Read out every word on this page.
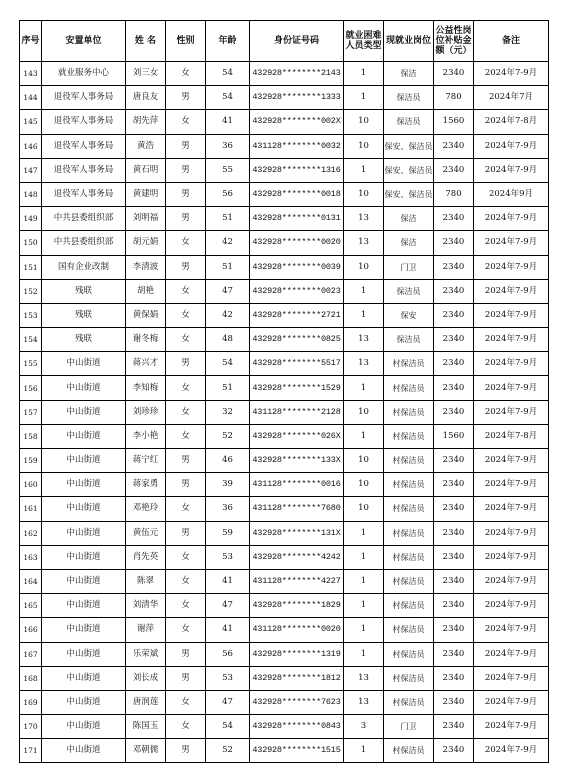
序号	安置单位	姓 名	性别	年龄	身份证号码	就业困难人员类型	现就业岗位	公益性岗位补贴金额（元）	备注
143	就业服务中心	刘三女	女	54	432928********2143	1	保洁	2340	2024年7-9月
144	退役军人事务局	唐良友	男	54	432928********1333	1	保洁员	780	2024年7月
145	退役军人事务局	胡先萍	女	41	432928********002X	10	保洁员	1560	2024年7-8月
146	退役军人事务局	黄浩	男	36	431128********0032	10	保安、保洁员	2340	2024年7-9月
147	退役军人事务局	黄石明	男	55	432928********1316	1	保安、保洁员	2340	2024年7-9月
148	退役军人事务局	黄建明	男	56	432928********0018	10	保安、保洁员	780	2024年9月
149	中共县委组织部	刘明福	男	51	432928********0131	13	保洁	2340	2024年7-9月
150	中共县委组织部	胡元娟	女	42	432928********0020	13	保洁	2340	2024年7-9月
151	国有企业改制	李清波	男	51	432928********0039	10	门卫	2340	2024年7-9月
152	残联	胡艳	女	47	432928********0023	1	保洁员	2340	2024年7-9月
153	残联	黄保娟	女	42	432928********2721	1	保安	2340	2024年7-9月
154	残联	谢冬梅	女	48	432928********0825	13	保洁员	2340	2024年7-9月
155	中山街道	蒋兴才	男	54	432928********5517	13	村保洁员	2340	2024年7-9月
156	中山街道	李知梅	女	51	432928********1529	1	村保洁员	2340	2024年7-9月
157	中山街道	刘珍珍	女	32	431128********2128	10	村保洁员	2340	2024年7-9月
158	中山街道	李小艳	女	52	432928********026X	1	村保洁员	1560	2024年7-8月
159	中山街道	蒋宁红	男	46	432928********133X	10	村保洁员	2340	2024年7-9月
160	中山街道	蒋家勇	男	39	431128********0016	10	村保洁员	2340	2024年7-9月
161	中山街道	邓艳玲	女	36	431128********7680	10	村保洁员	2340	2024年7-9月
162	中山街道	黄伍元	男	59	432928********131X	1	村保洁员	2340	2024年7-9月
163	中山街道	肖先英	女	53	432928********4242	1	村保洁员	2340	2024年7-9月
164	中山街道	陈翠	女	41	431128********4227	1	村保洁员	2340	2024年7-9月
165	中山街道	刘清华	女	47	432928********1829	1	村保洁员	2340	2024年7-9月
166	中山街道	谢萍	女	41	431128********0020	1	村保洁员	2340	2024年7-9月
167	中山街道	乐荣斌	男	56	432928********1319	1	村保洁员	2340	2024年7-9月
168	中山街道	刘长成	男	53	432928********1812	13	村保洁员	2340	2024年7-9月
169	中山街道	唐润莲	女	47	432928********7623	13	村保洁员	2340	2024年7-9月
170	中山街道	陈国玉	女	54	432928********0843	3	门卫	2340	2024年7-9月
171	中山街道	邓朝儒	男	52	432928********1515	1	村保洁员	2340	2024年7-9月
